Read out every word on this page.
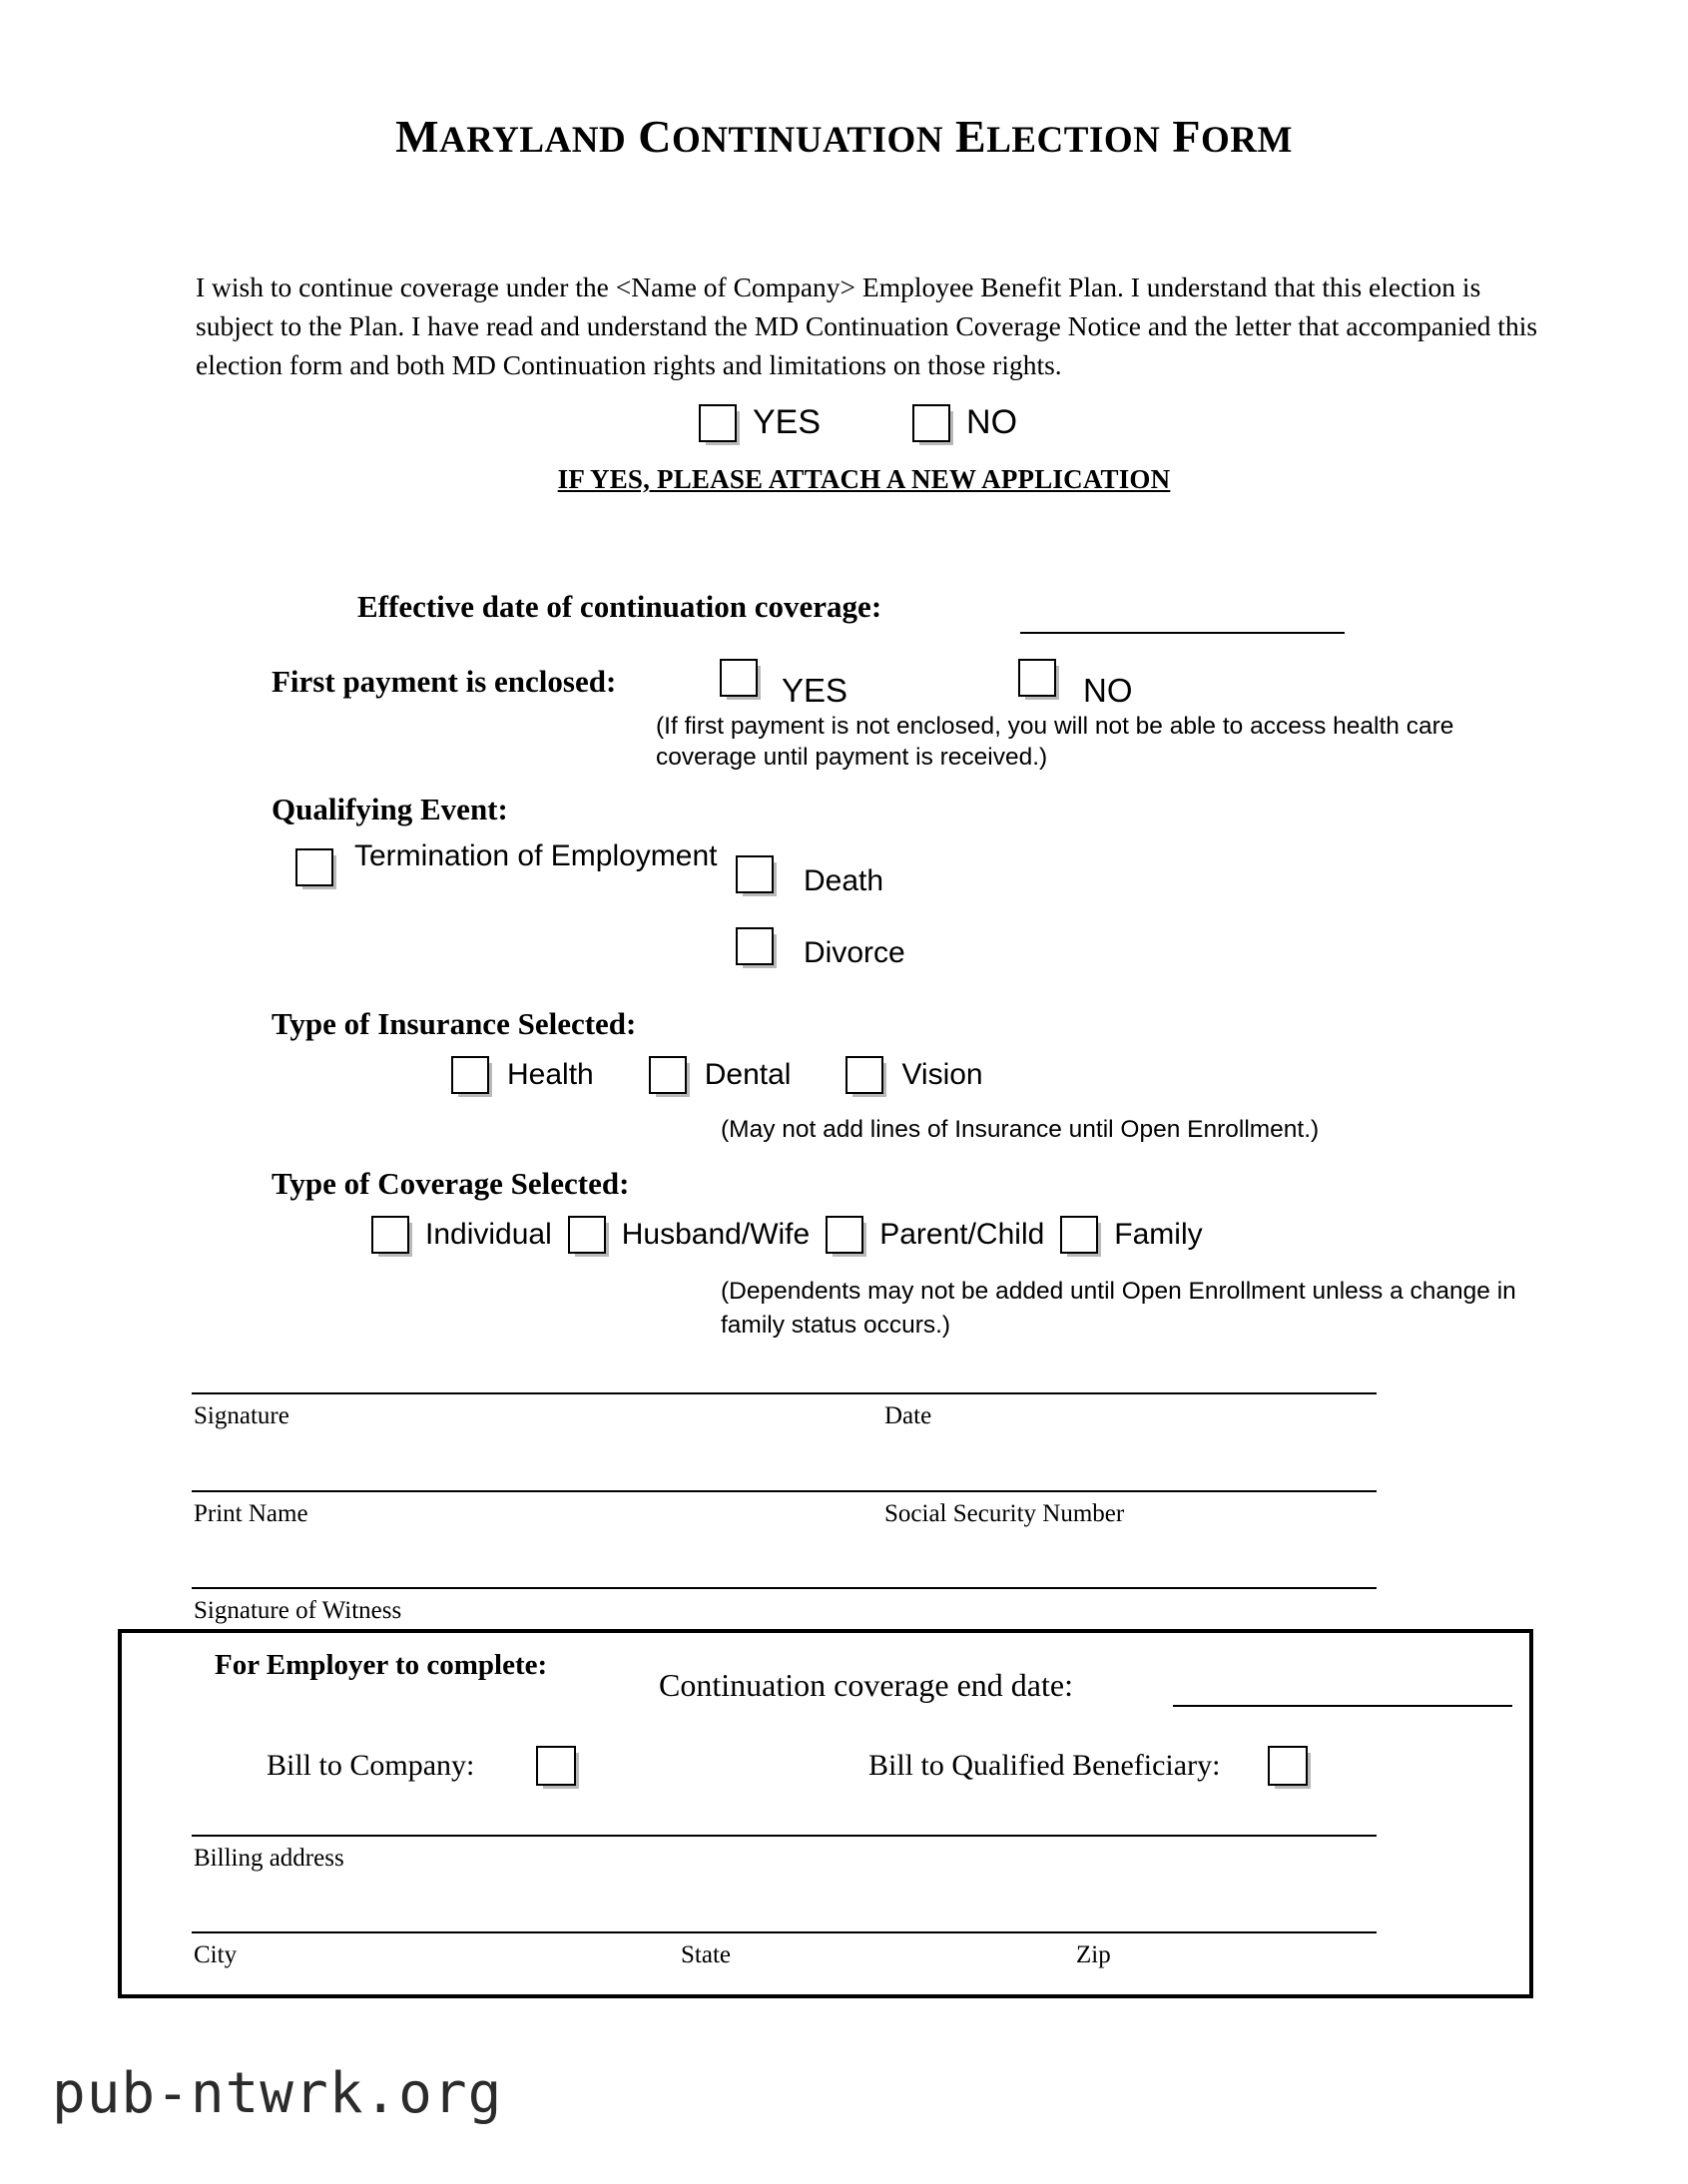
MARYLAND CONTINUATION ELECTION FORM
I wish to continue coverage under the <Name of Company> Employee Benefit Plan. I understand that this election is subject to the Plan. I have read and understand the MD Continuation Coverage Notice and the letter that accompanied this election form and both MD Continuation rights and limitations on those rights.
YES	NO
IF YES, PLEASE ATTACH A NEW APPLICATION
Effective date of continuation coverage:
First payment is enclosed:	YES	NO
(If first payment is not enclosed, you will not be able to access health care coverage until payment is received.)
Qualifying Event:
Termination of Employment
Death
Divorce
Type of Insurance Selected:
Health	Dental	Vision
(May not add lines of Insurance until Open Enrollment.)
Type of Coverage Selected:
Individual Husband/Wife Parent/Child Family
(Dependents may not be added until Open Enrollment unless a change in family status occurs.)
Signature	Date
Print Name	Social Security Number
Signature of Witness
For Employer to complete:
Continuation coverage end date:
Bill to Company:	Bill to Qualified Beneficiary:
Billing address
City	State	Zip
pub-ntwrk.org
